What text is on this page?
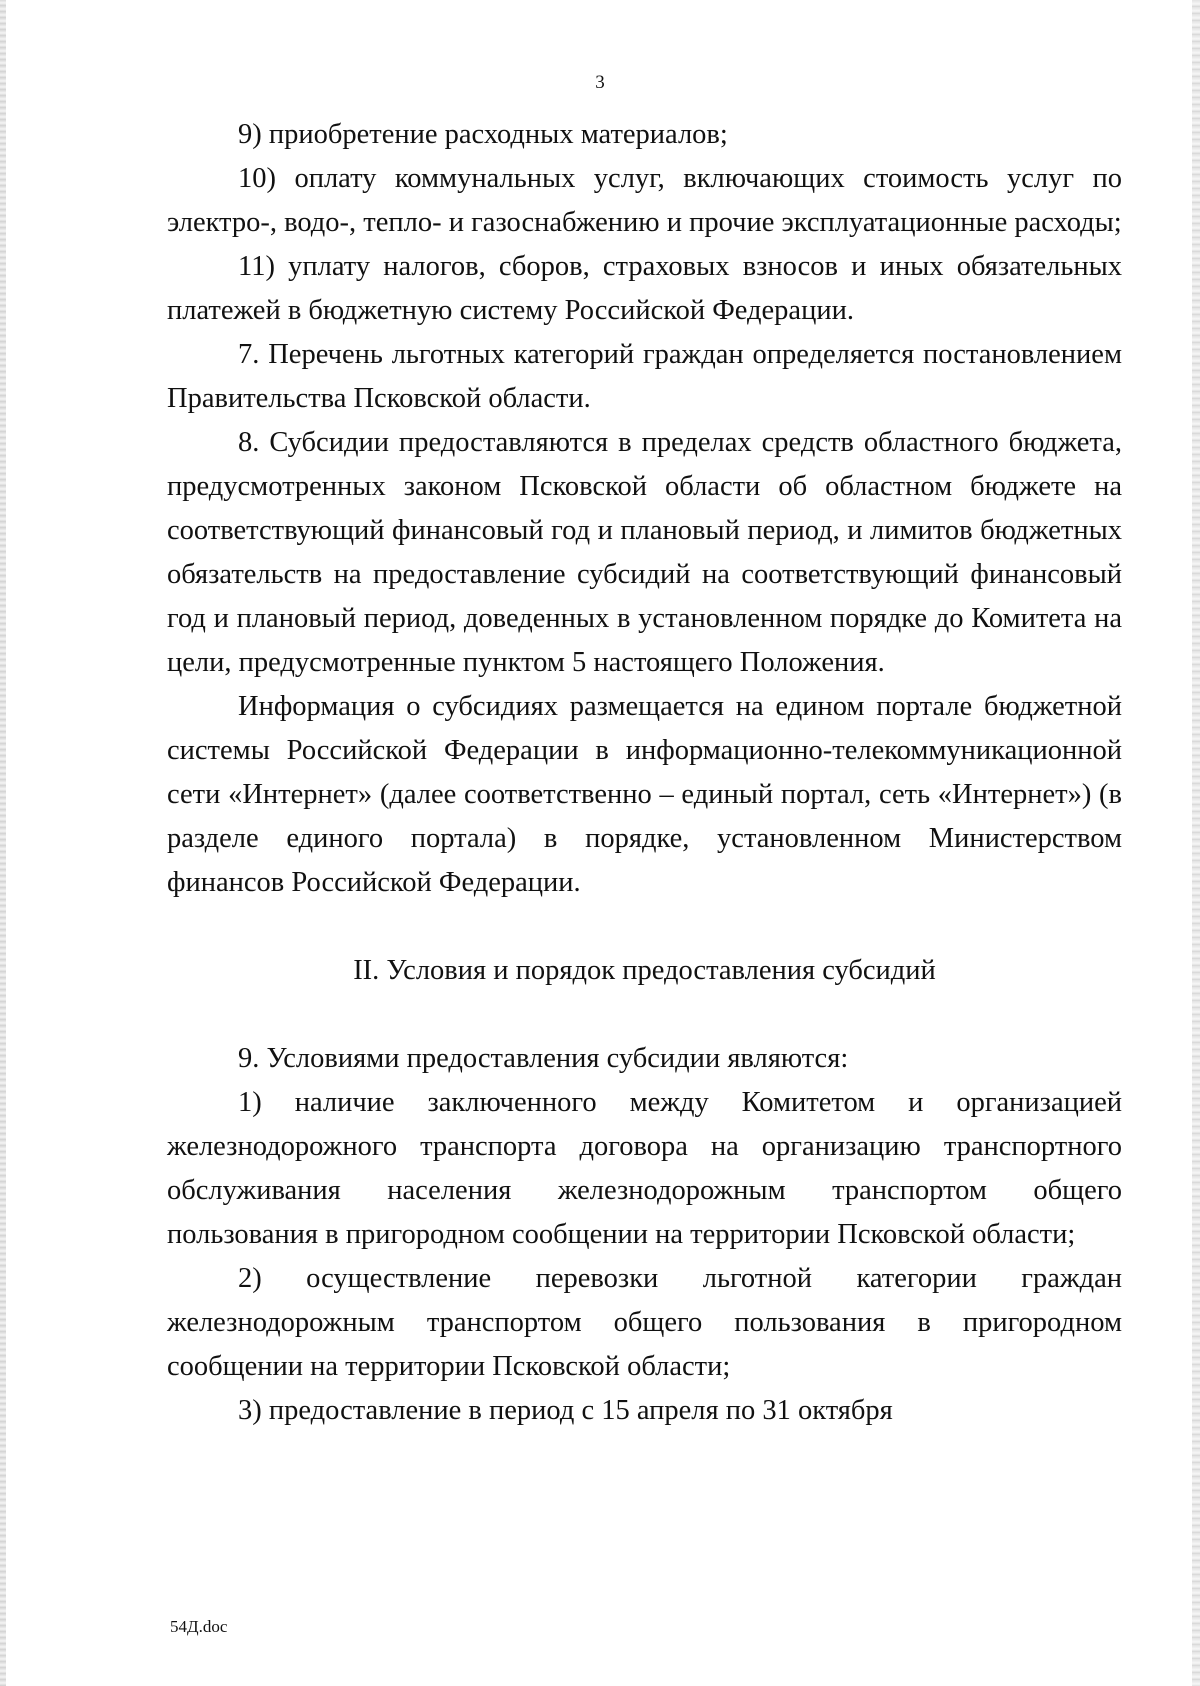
3

9) приобретение расходных материалов;

10) оплату коммунальных услуг, включающих стоимость услуг по электро-, водо-, тепло- и газоснабжению и прочие эксплуатационные расходы;

11) уплату налогов, сборов, страховых взносов и иных обязательных платежей в бюджетную систему Российской Федерации.

7. Перечень льготных категорий граждан определяется постановлением Правительства Псковской области.

8. Субсидии предоставляются в пределах средств областного бюджета, предусмотренных законом Псковской области об областном бюджете на соответствующий финансовый год и плановый период, и лимитов бюджетных обязательств на предоставление субсидий на соответствующий финансовый год и плановый период, доведенных в установленном порядке до Комитета на цели, предусмотренные пунктом 5 настоящего Положения.

Информация о субсидиях размещается на едином портале бюджетной системы Российской Федерации в информационно-телекоммуникационной сети «Интернет» (далее соответственно – единый портал, сеть «Интернет») (в разделе единого портала) в порядке, установленном Министерством финансов Российской Федерации.

II. Условия и порядок предоставления субсидий

9. Условиями предоставления субсидии являются:

1) наличие заключенного между Комитетом и организацией железнодорожного транспорта договора на организацию транспортного обслуживания населения железнодорожным транспортом общего пользования в пригородном сообщении на территории Псковской области;

2) осуществление перевозки льготной категории граждан железнодорожным транспортом общего пользования в пригородном сообщении на территории Псковской области;

3) предоставление в период с 15 апреля по 31 октября

54Д.doc
